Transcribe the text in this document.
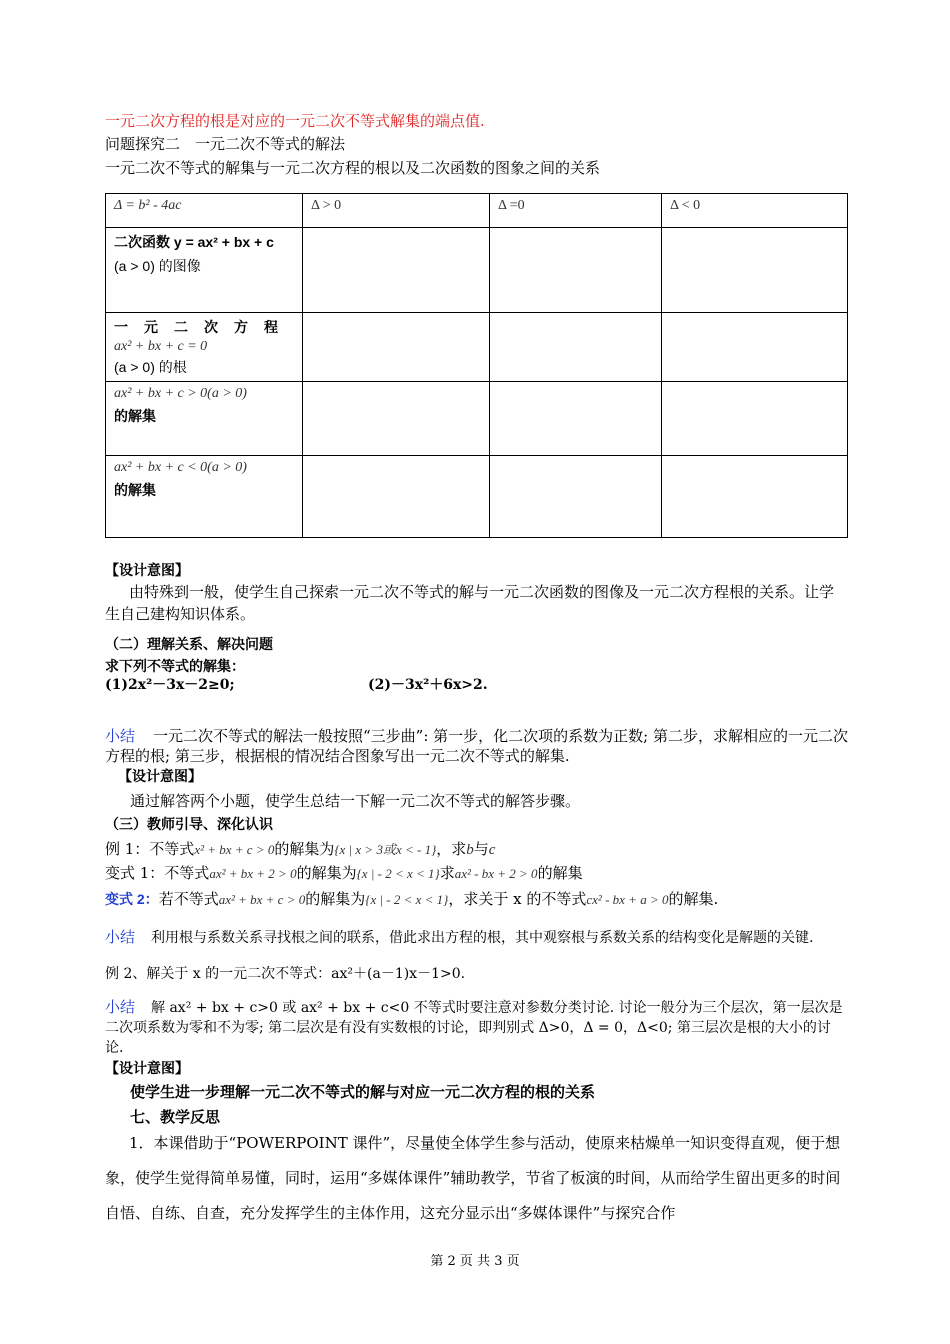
一元二次方程的根是对应的一元二次不等式解集的端点值.
问题探究二　一元二次不等式的解法
一元二次不等式的解集与一元二次方程的根以及二次函数的图象之间的关系
Δ = b² - 4ac	Δ > 0	Δ =0	Δ < 0

二次函数 y = ax² + bx + c
(a > 0) 的图像			

一　元　二　次　方　程
ax² + bx + c = 0
(a > 0) 的根			

ax² + bx + c > 0(a > 0)
的解集			

ax² + bx + c < 0(a > 0)
的解集			

【设计意图】
由特殊到一般，使学生自己探索一元二次不等式的解与一元二次函数的图像及一元二次方程根的关系。让学生自己建构知识体系。
（二）理解关系、解决问题
求下列不等式的解集：
(1)2x²－3x－2≥0;	(2)－3x²＋6x>2.
小结 一元二次不等式的解法一般按照“三步曲”: 第一步，化二次项的系数为正数; 第二步，求解相应的一元二次方程的根; 第三步，根据根的情况结合图象写出一元二次不等式的解集.
【设计意图】
通过解答两个小题，使学生总结一下解一元二次不等式的解答步骤。
（三）教师引导、深化认识
例 1：不等式x² + bx + c > 0的解集为{x | x > 3或x < - 1}，求b与c
变式 1：不等式ax² + bx + 2 > 0的解集为{x | - 2 < x < 1}求ax² - bx + 2 > 0的解集
变式 2：若不等式ax² + bx + c > 0的解集为{x | - 2 < x < 1}，求关于 x 的不等式cx² - bx + a > 0的解集.
小结 利用根与系数关系寻找根之间的联系，借此求出方程的根，其中观察根与系数关系的结构变化是解题的关键.
例 2、解关于 x 的一元二次不等式：ax²＋(a－1)x－1>0.
小结 解 ax² + bx + c>0 或 ax² + bx + c<0 不等式时要注意对参数分类讨论. 讨论一般分为三个层次，第一层次是二次项系数为零和不为零; 第二层次是有没有实数根的讨论，即判别式 Δ>0，Δ = 0，Δ<0; 第三层次是根的大小的讨论.
【设计意图】
使学生进一步理解一元二次不等式的解与对应一元二次方程的根的关系
七、教学反思
1．本课借助于“POWERPOINT 课件”，尽量使全体学生参与活动，使原来枯燥单一知识变得直观，便于想象，使学生觉得简单易懂，同时，运用“多媒体课件”辅助教学，节省了板演的时间，从而给学生留出更多的时间自悟、自练、自查，充分发挥学生的主体作用，这充分显示出“多媒体课件”与探究合作
第 2 页 共 3 页
